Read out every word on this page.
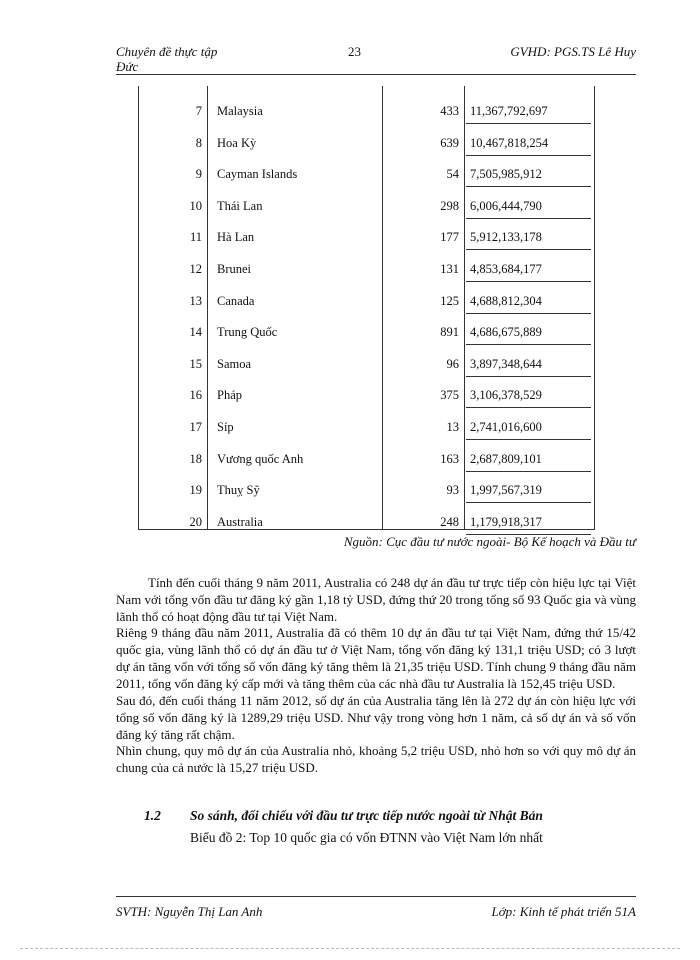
Chuyên đề thực tập	23	GVHD: PGS.TS Lê Huy
Đức
7 Malaysia	433 11,367,792,697
8 Hoa Kỳ	639 10,467,818,254
9 Cayman Islands	54 7,505,985,912
10 Thái Lan	298 6,006,444,790
11 Hà Lan	177 5,912,133,178
12 Brunei	131 4,853,684,177
13 Canada	125 4,688,812,304
14 Trung Quốc	891 4,686,675,889
15 Samoa	96 3,897,348,644
16 Pháp	375 3,106,378,529
17 Síp	13 2,741,016,600
18 Vương quốc Anh	163 2,687,809,101
19 Thuỵ Sỹ	93 1,997,567,319
20 Australia	248 1,179,918,317
Nguồn: Cục đầu tư nước ngoài- Bộ Kế hoạch và Đầu tư
Tính đến cuối tháng 9 năm 2011, Australia có 248 dự án đầu tư trực tiếp còn hiệu lực tại Việt Nam với tổng vốn đầu tư đăng ký gần 1,18 tỷ USD, đứng thứ 20 trong tổng số 93 Quốc gia và vùng lãnh thổ có hoạt động đầu tư tại Việt Nam.
Riêng 9 tháng đầu năm 2011, Australia đã có thêm 10 dự án đầu tư tại Việt Nam, đứng thứ 15/42 quốc gia, vùng lãnh thổ có dự án đầu tư ở Việt Nam, tổng vốn đăng ký 131,1 triệu USD; có 3 lượt dự án tăng vốn với tổng số vốn đăng ký tăng thêm là 21,35 triệu USD. Tính chung 9 tháng đầu năm 2011, tổng vốn đăng ký cấp mới và tăng thêm của các nhà đầu tư Australia là 152,45 triệu USD.
Sau đó, đến cuối tháng 11 năm 2012, số dự án của Australia tăng lên là 272 dự án còn hiệu lực với tổng số vốn đăng ký là 1289,29 triệu USD. Như vậy trong vòng hơn 1 năm, cả số dự án và số vốn đăng ký tăng rất chậm.
Nhìn chung, quy mô dự án của Australia nhỏ, khoảng 5,2 triệu USD, nhỏ hơn so với quy mô dự án chung của cả nước là 15,27 triệu USD.
1.2 So sánh, đối chiếu với đầu tư trực tiếp nước ngoài từ Nhật Bản
Biểu đồ 2: Top 10 quốc gia có vốn ĐTNN vào Việt Nam lớn nhất
SVTH: Nguyễn Thị Lan Anh	Lớp: Kinh tế phát triển 51A
